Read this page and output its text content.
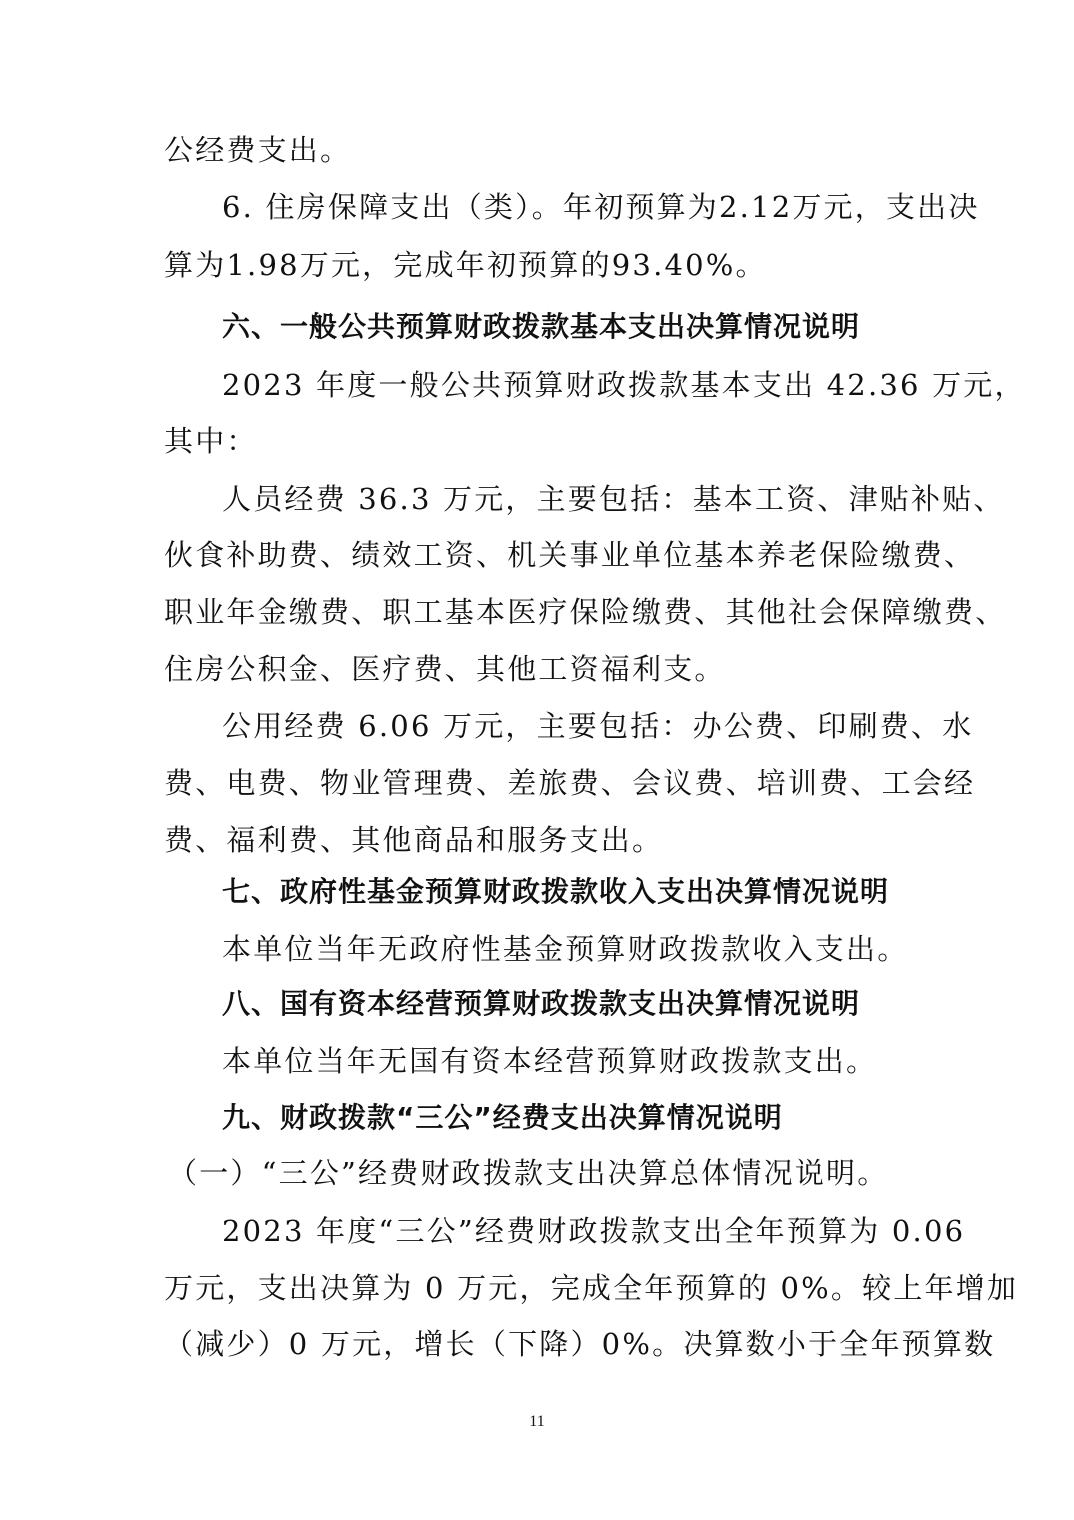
公经费支出。
6. 住房保障支出（类）。年初预算为2.12万元，支出决
算为1.98万元，完成年初预算的93.40%。
六、一般公共预算财政拨款基本支出决算情况说明
2023 年度一般公共预算财政拨款基本支出 42.36 万元，
其中：
人员经费 36.3 万元，主要包括：基本工资、津贴补贴、
伙食补助费、绩效工资、机关事业单位基本养老保险缴费、
职业年金缴费、职工基本医疗保险缴费、其他社会保障缴费、
住房公积金、医疗费、其他工资福利支。
公用经费 6.06 万元，主要包括：办公费、印刷费、水
费、电费、物业管理费、差旅费、会议费、培训费、工会经
费、福利费、其他商品和服务支出。
七、政府性基金预算财政拨款收入支出决算情况说明
本单位当年无政府性基金预算财政拨款收入支出。
八、国有资本经营预算财政拨款支出决算情况说明
本单位当年无国有资本经营预算财政拨款支出。
九、财政拨款“三公”经费支出决算情况说明
（一）“三公”经费财政拨款支出决算总体情况说明。
2023 年度“三公”经费财政拨款支出全年预算为 0.06
万元，支出决算为 0 万元，完成全年预算的 0%。较上年增加
（减少）0 万元，增长（下降）0%。决算数小于全年预算数
11
